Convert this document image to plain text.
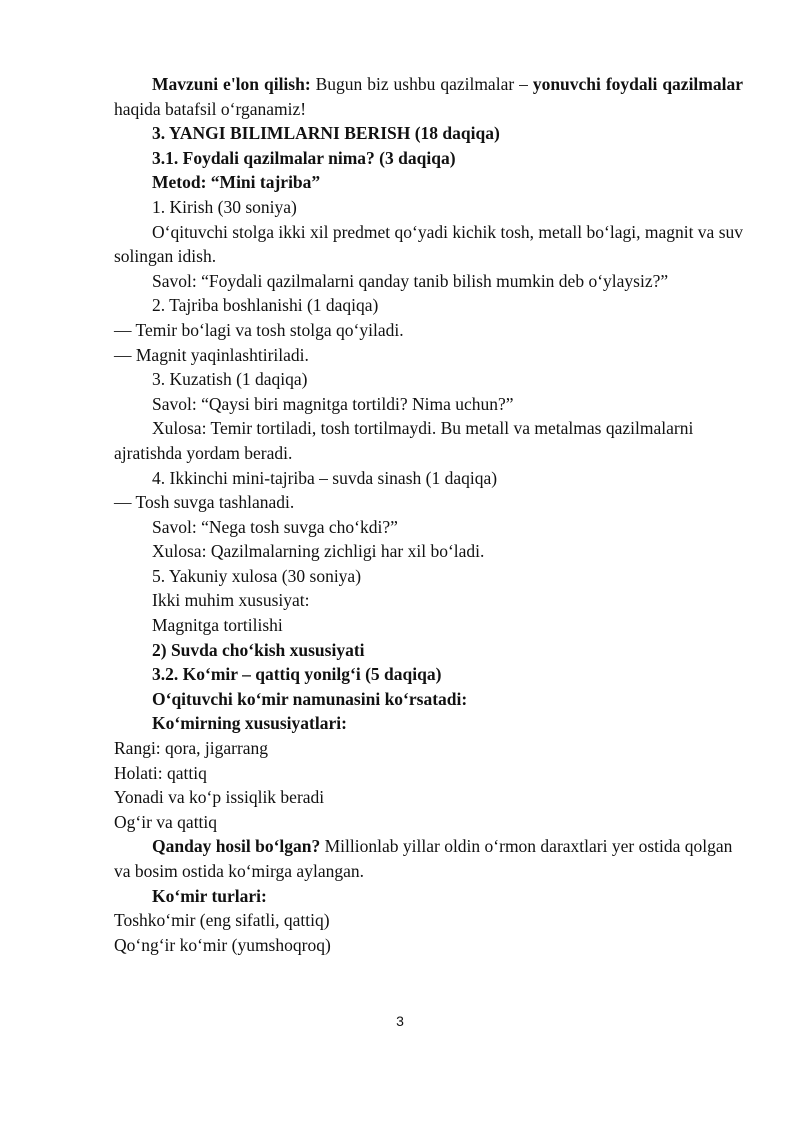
Mavzuni e'lon qilish: Bugun biz ushbu qazilmalar – yonuvchi foydali qazilmalar haqida batafsil o‘rganamiz!

3. YANGI BILIMLARNI BERISH (18 daqiqa)

3.1. Foydali qazilmalar nima? (3 daqiqa)

Metod: “Mini tajriba”

1. Kirish (30 soniya)

O‘qituvchi stolga ikki xil predmet qo‘yadi kichik tosh, metall bo‘lagi, magnit va suv solingan idish.

Savol: “Foydali qazilmalarni qanday tanib bilish mumkin deb o‘ylaysiz?”

2. Tajriba boshlanishi (1 daqiqa)

— Temir bo‘lagi va tosh stolga qo‘yiladi.

— Magnit yaqinlashtiriladi.

3. Kuzatish (1 daqiqa)

Savol: “Qaysi biri magnitga tortildi? Nima uchun?”

Xulosa: Temir tortiladi, tosh tortilmaydi. Bu metall va metalmas qazilmalarni ajratishda yordam beradi.

4. Ikkinchi mini-tajriba – suvda sinash (1 daqiqa)

— Tosh suvga tashlanadi.

Savol: “Nega tosh suvga cho‘kdi?”

Xulosa: Qazilmalarning zichligi har xil bo‘ladi.

5. Yakuniy xulosa (30 soniya)

Ikki muhim xususiyat:

Magnitga tortilishi

2) Suvda cho‘kish xususiyati

3.2. Ko‘mir – qattiq yonilg‘i (5 daqiqa)

O‘qituvchi ko‘mir namunasini ko‘rsatadi:

Ko‘mirning xususiyatlari:

Rangi: qora, jigarrang

Holati: qattiq

Yonadi va ko‘p issiqlik beradi

Og‘ir va qattiq

Qanday hosil bo‘lgan? Millionlab yillar oldin o‘rmon daraxtlari yer ostida qolgan va bosim ostida ko‘mirga aylangan.

Ko‘mir turlari:

Toshko‘mir (eng sifatli, qattiq)

Qo‘ng‘ir ko‘mir (yumshoqroq)

3
